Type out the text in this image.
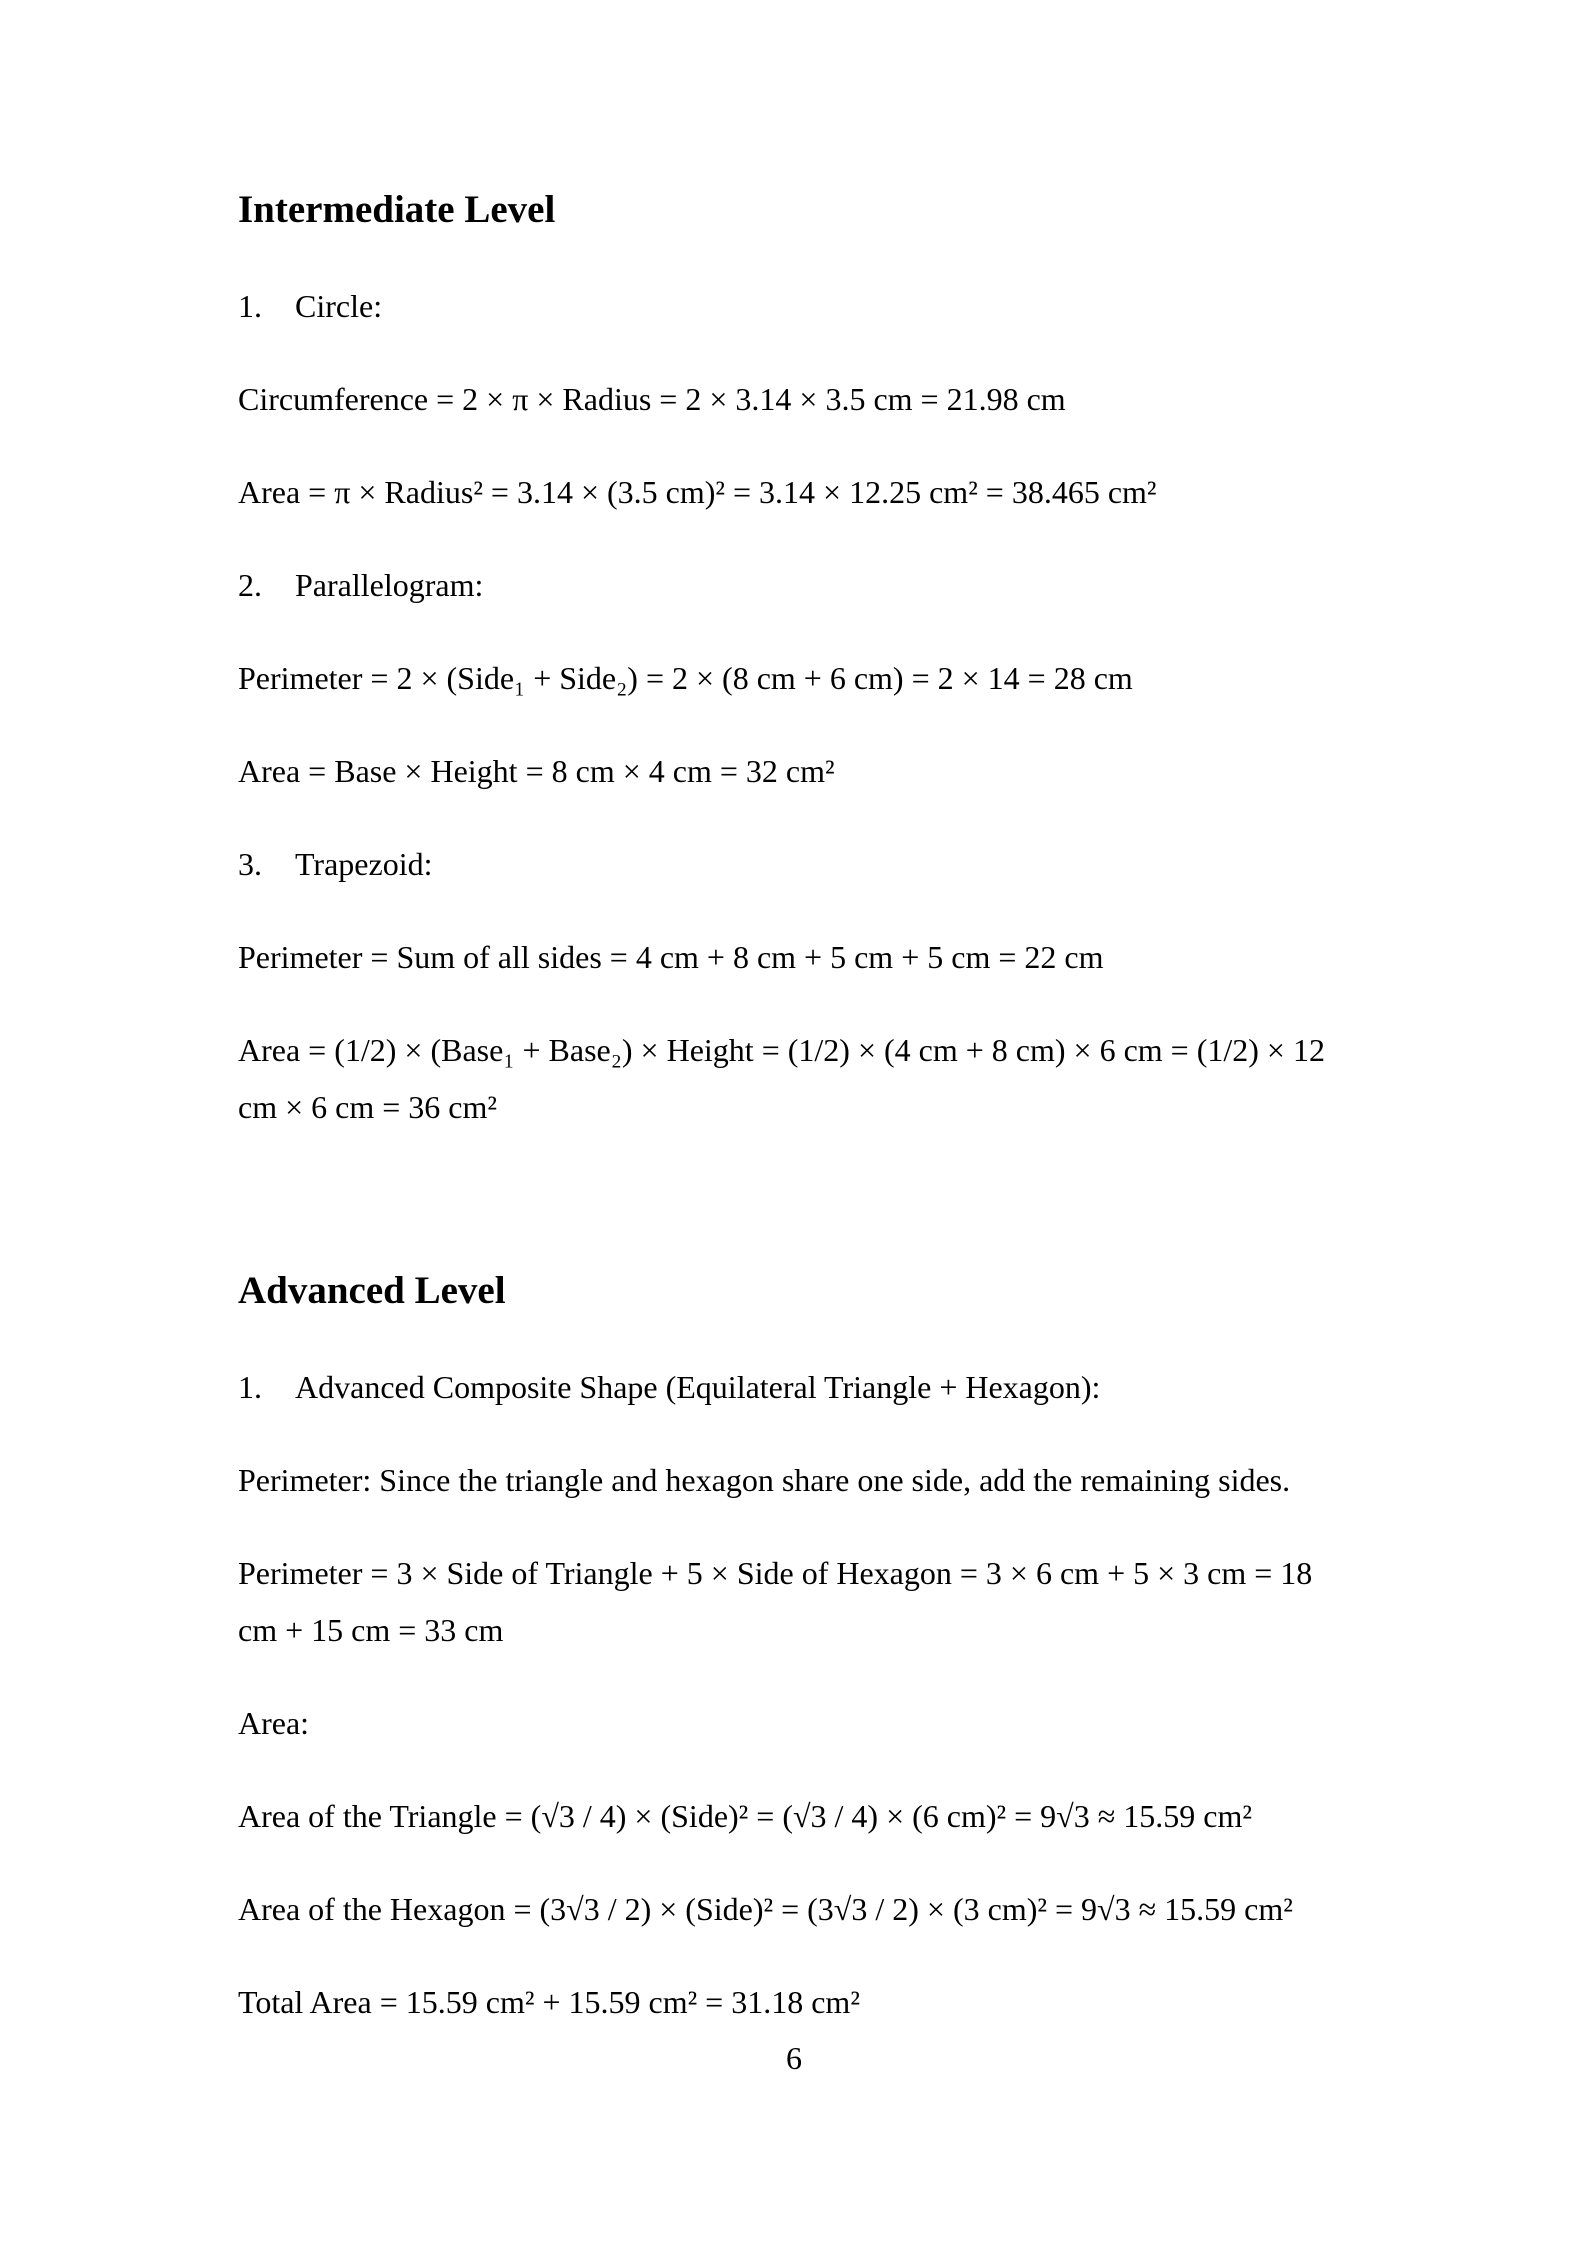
Intermediate Level
1. Circle:
Circumference = 2 × π × Radius = 2 × 3.14 × 3.5 cm = 21.98 cm
Area = π × Radius² = 3.14 × (3.5 cm)² = 3.14 × 12.25 cm² = 38.465 cm²
2. Parallelogram:
Perimeter = 2 × (Side₁ + Side₂) = 2 × (8 cm + 6 cm) = 2 × 14 = 28 cm
Area = Base × Height = 8 cm × 4 cm = 32 cm²
3. Trapezoid:
Perimeter = Sum of all sides = 4 cm + 8 cm + 5 cm + 5 cm = 22 cm
Area = (1/2) × (Base₁ + Base₂) × Height = (1/2) × (4 cm + 8 cm) × 6 cm = (1/2) × 12
cm × 6 cm = 36 cm²
Advanced Level
1. Advanced Composite Shape (Equilateral Triangle + Hexagon):
Perimeter: Since the triangle and hexagon share one side, add the remaining sides.
Perimeter = 3 × Side of Triangle + 5 × Side of Hexagon = 3 × 6 cm + 5 × 3 cm = 18
cm + 15 cm = 33 cm
Area:
Area of the Triangle = (√3 / 4) × (Side)² = (√3 / 4) × (6 cm)² = 9√3 ≈ 15.59 cm²
Area of the Hexagon = (3√3 / 2) × (Side)² = (3√3 / 2) × (3 cm)² = 9√3 ≈ 15.59 cm²
Total Area = 15.59 cm² + 15.59 cm² = 31.18 cm²
6
